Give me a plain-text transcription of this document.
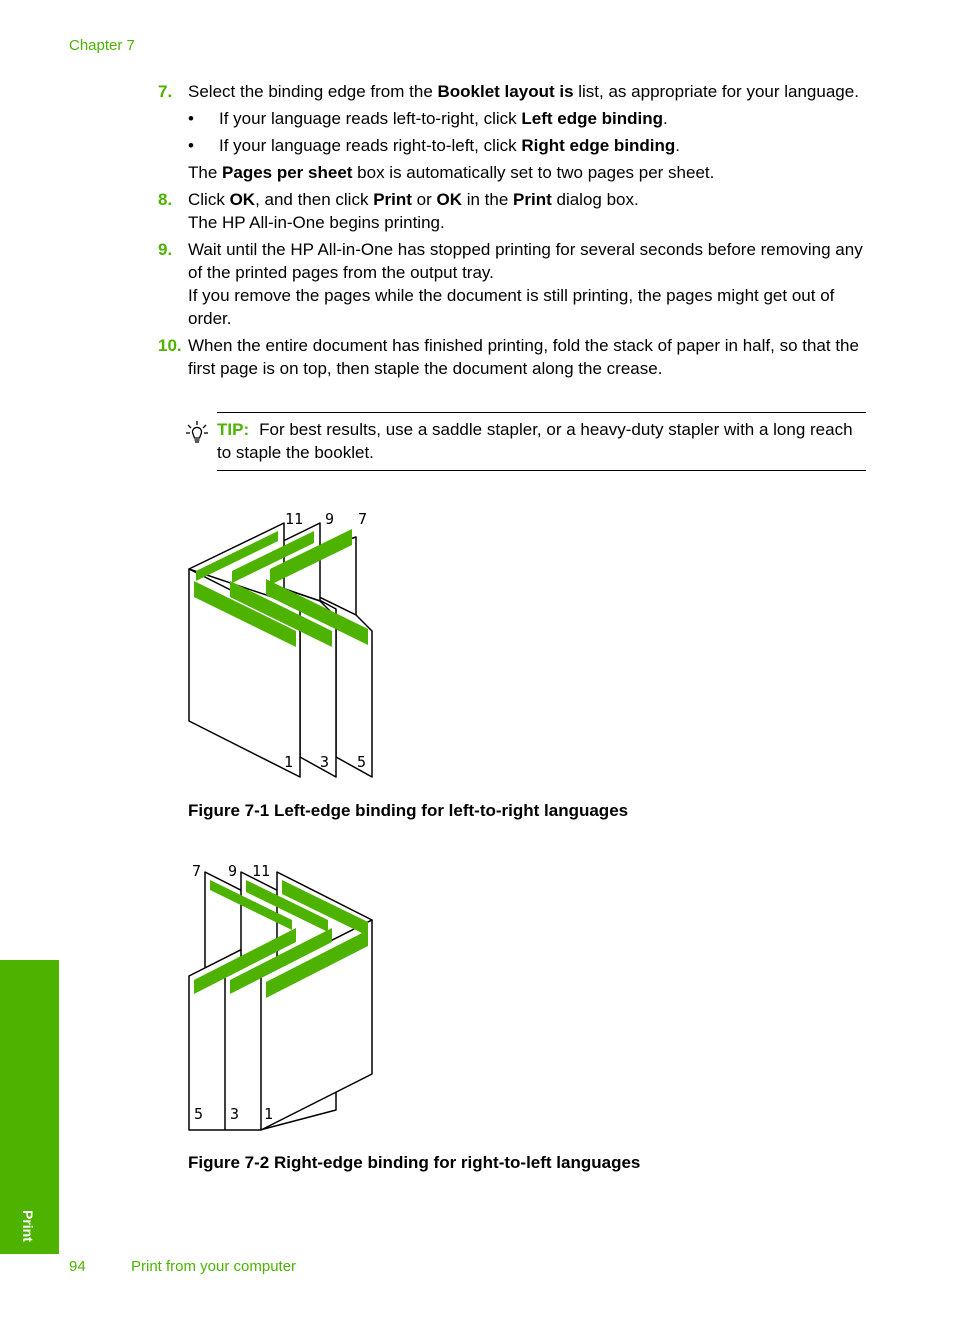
Chapter 7
7. Select the binding edge from the Booklet layout is list, as appropriate for your language.

•	If your language reads left-to-right, click Left edge binding.
•	If your language reads right-to-left, click Right edge binding.

The Pages per sheet box is automatically set to two pages per sheet.

8. Click OK, and then click Print or OK in the Print dialog box.

The HP All-in-One begins printing.

9. Wait until the HP All-in-One has stopped printing for several seconds before removing any of the printed pages from the output tray.

If you remove the pages while the document is still printing, the pages might get out of order.

10. When the entire document has finished printing, fold the stack of paper in half, so that the first page is on top, then staple the document along the crease.

TIP: For best results, use a saddle stapler, or a heavy-duty stapler with a long reach to staple the booklet.
11 9 7
1 3 5
Figure 7-1 Left-edge binding for left-to-right languages
7 9 11
5 3 1
Figure 7-2 Right-edge binding for right-to-left languages
Print
94	Print from your computer
